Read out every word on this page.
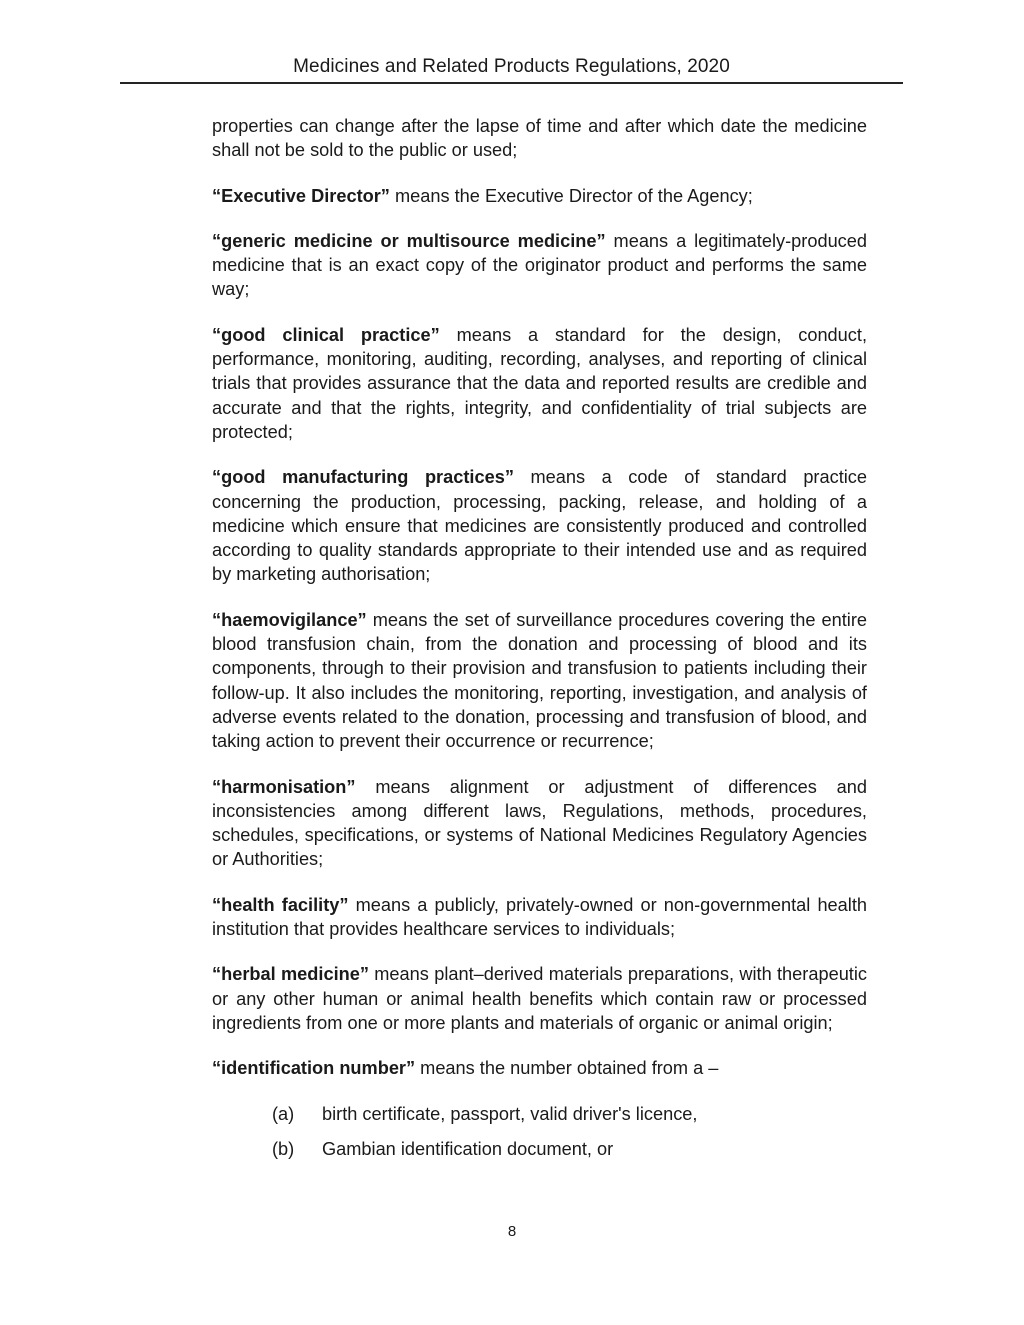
Medicines and Related Products Regulations, 2020

properties can change after the lapse of time and after which date the medicine shall not be sold to the public or used;

“Executive Director” means the Executive Director of the Agency;

“generic medicine or multisource medicine” means a legitimately-produced medicine that is an exact copy of the originator product and performs the same way;

“good clinical practice” means a standard for the design, conduct, performance, monitoring, auditing, recording, analyses, and reporting of clinical trials that provides assurance that the data and reported results are credible and accurate and that the rights, integrity, and confidentiality of trial subjects are protected;

“good manufacturing practices” means a code of standard practice concerning the production, processing, packing, release, and holding of a medicine which ensure that medicines are consistently produced and controlled according to quality standards appropriate to their intended use and as required by marketing authorisation;

“haemovigilance” means the set of surveillance procedures covering the entire blood transfusion chain, from the donation and processing of blood and its components, through to their provision and transfusion to patients including their follow-up. It also includes the monitoring, reporting, investigation, and analysis of adverse events related to the donation, processing and transfusion of blood, and taking action to prevent their occurrence or recurrence;

“harmonisation” means alignment or adjustment of differences and inconsistencies among different laws, Regulations, methods, procedures, schedules, specifications, or systems of National Medicines Regulatory Agencies or Authorities;

“health facility” means a publicly, privately-owned or non-governmental health institution that provides healthcare services to individuals;

“herbal medicine” means plant–derived materials preparations, with therapeutic or any other human or animal health benefits which contain raw or processed ingredients from one or more plants and materials of organic or animal origin;

“identification number” means the number obtained from a –

(a) birth certificate, passport, valid driver's licence,
(b) Gambian identification document, or
8
